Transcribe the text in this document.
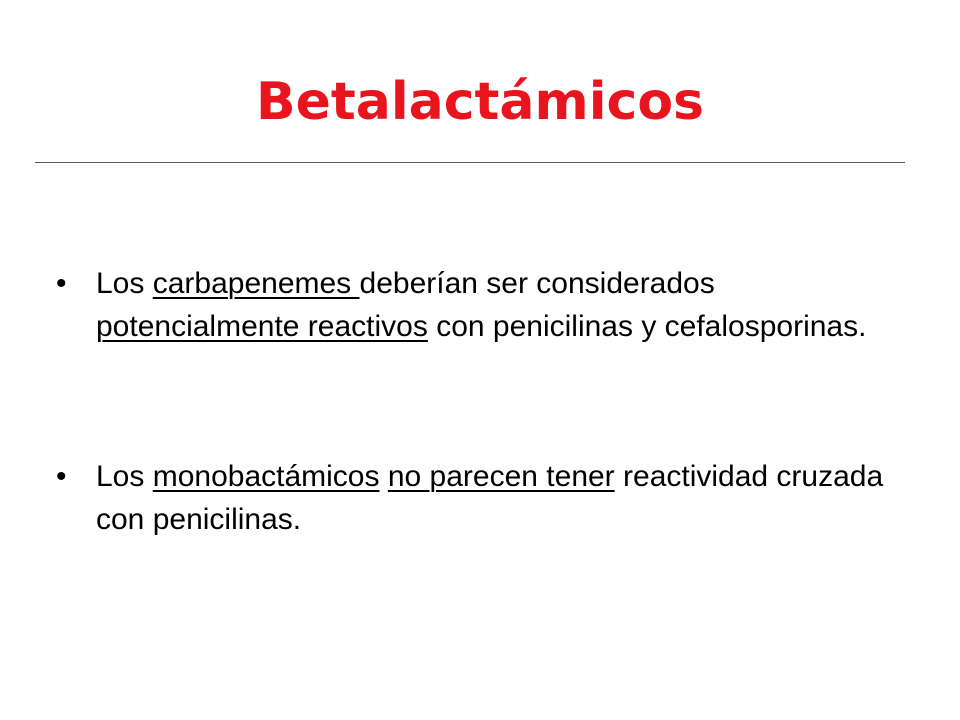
Betalactámicos
• Los carbapenemes deberían ser considerados potencialmente reactivos con penicilinas y cefalosporinas.
• Los monobactámicos no parecen tener reactividad cruzada con penicilinas.
